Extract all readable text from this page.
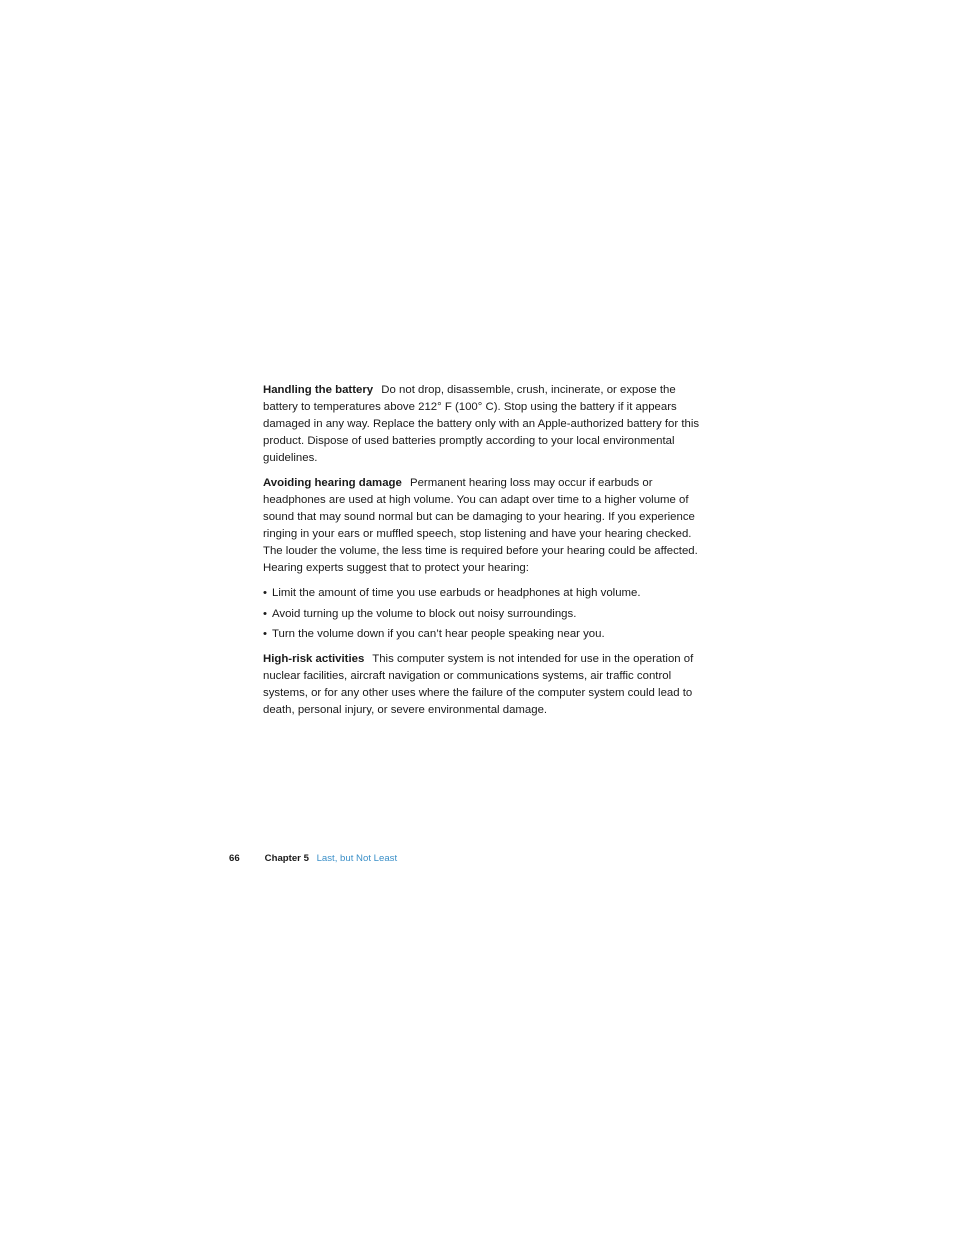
Handling the battery Do not drop, disassemble, crush, incinerate, or expose the battery to temperatures above 212° F (100° C). Stop using the battery if it appears damaged in any way. Replace the battery only with an Apple-authorized battery for this product. Dispose of used batteries promptly according to your local environmental guidelines.

Avoiding hearing damage Permanent hearing loss may occur if earbuds or headphones are used at high volume. You can adapt over time to a higher volume of sound that may sound normal but can be damaging to your hearing. If you experience ringing in your ears or muffled speech, stop listening and have your hearing checked. The louder the volume, the less time is required before your hearing could be affected. Hearing experts suggest that to protect your hearing:

• Limit the amount of time you use earbuds or headphones at high volume.
• Avoid turning up the volume to block out noisy surroundings.
• Turn the volume down if you can’t hear people speaking near you.

High-risk activities This computer system is not intended for use in the operation of nuclear facilities, aircraft navigation or communications systems, air traffic control systems, or for any other uses where the failure of the computer system could lead to death, personal injury, or severe environmental damage.

66	Chapter 5 Last, but Not Least
